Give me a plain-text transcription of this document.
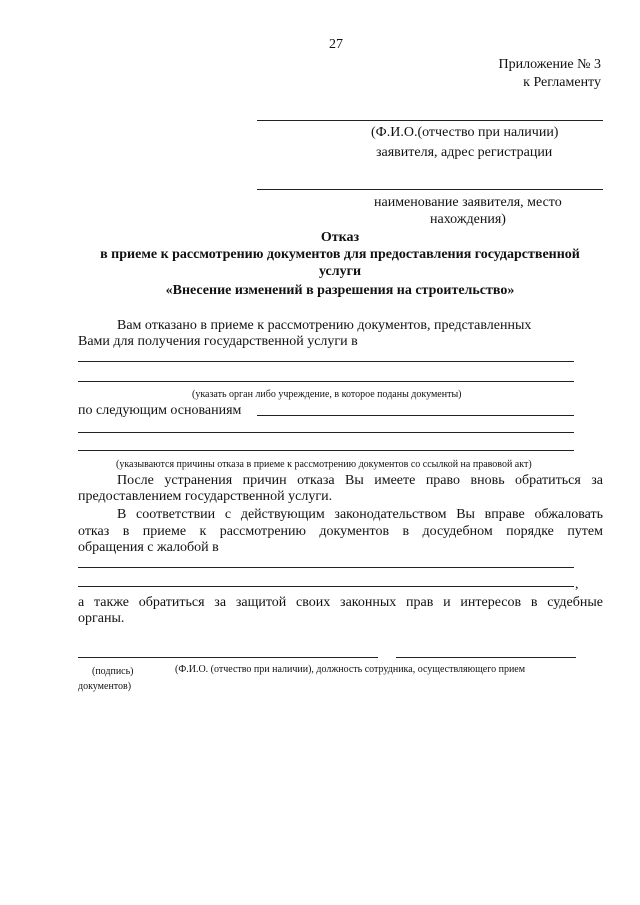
27
Приложение № 3
к Регламенту
(Ф.И.О.(отчество при наличии)
заявителя, адрес регистрации
наименование заявителя, место
нахождения)
Отказ
в приеме к рассмотрению документов для предоставления государственной
услуги
«Внесение изменений в разрешения на строительство»
Вам отказано в приеме к рассмотрению документов, представленных
Вами для получения государственной услуги в
(указать орган либо учреждение, в которое поданы документы)
по следующим основаниям
(указываются причины отказа в приеме к рассмотрению документов со ссылкой на правовой акт)
После устранения причин отказа Вы имеете право вновь обратиться за
предоставлением государственной услуги.
В соответствии с действующим законодательством Вы вправе обжаловать
отказ в приеме к рассмотрению документов в досудебном порядке путем
обращения с жалобой в
,
а также обратиться за защитой своих законных прав и интересов в судебные
органы.
(подпись)	(Ф.И.О. (отчество при наличии), должность сотрудника, осуществляющего прием
документов)
